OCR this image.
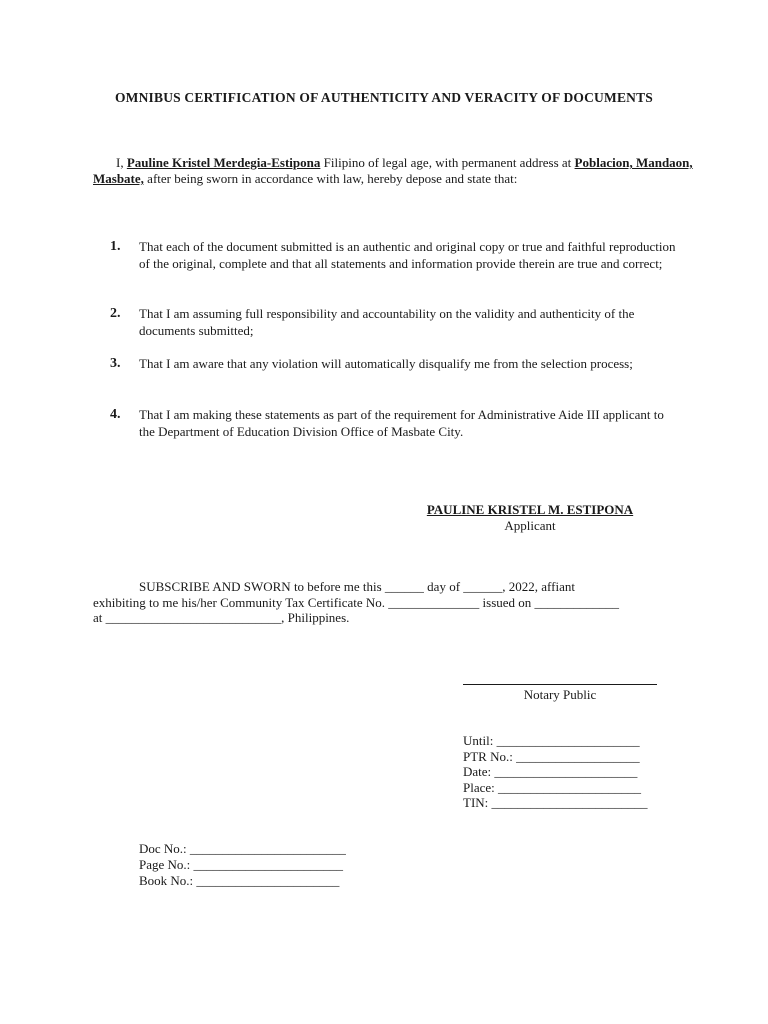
OMNIBUS CERTIFICATION OF AUTHENTICITY AND VERACITY OF DOCUMENTS
I, Pauline Kristel Merdegia-Estipona Filipino of legal age, with permanent address at Poblacion, Mandaon, Masbate, after being sworn in accordance with law, hereby depose and state that:
1. That each of the document submitted is an authentic and original copy or true and faithful reproduction of the original, complete and that all statements and information provide therein are true and correct;
2. That I am assuming full responsibility and accountability on the validity and authenticity of the documents submitted;
3. That I am aware that any violation will automatically disqualify me from the selection process;
4. That I am making these statements as part of the requirement for Administrative Aide III applicant to the Department of Education Division Office of Masbate City.
PAULINE KRISTEL M. ESTIPONA
Applicant
SUBSCRIBE AND SWORN to before me this ______ day of ______, 2022, affiant
exhibiting to me his/her Community Tax Certificate No. ______________ issued on _____________
at ___________________________, Philippines.
Notary Public
Until: ______________________
PTR No.: ___________________
Date: ______________________
Place: ______________________
TIN: ________________________
Doc No.: ________________________
Page No.: _______________________
Book No.: ______________________
